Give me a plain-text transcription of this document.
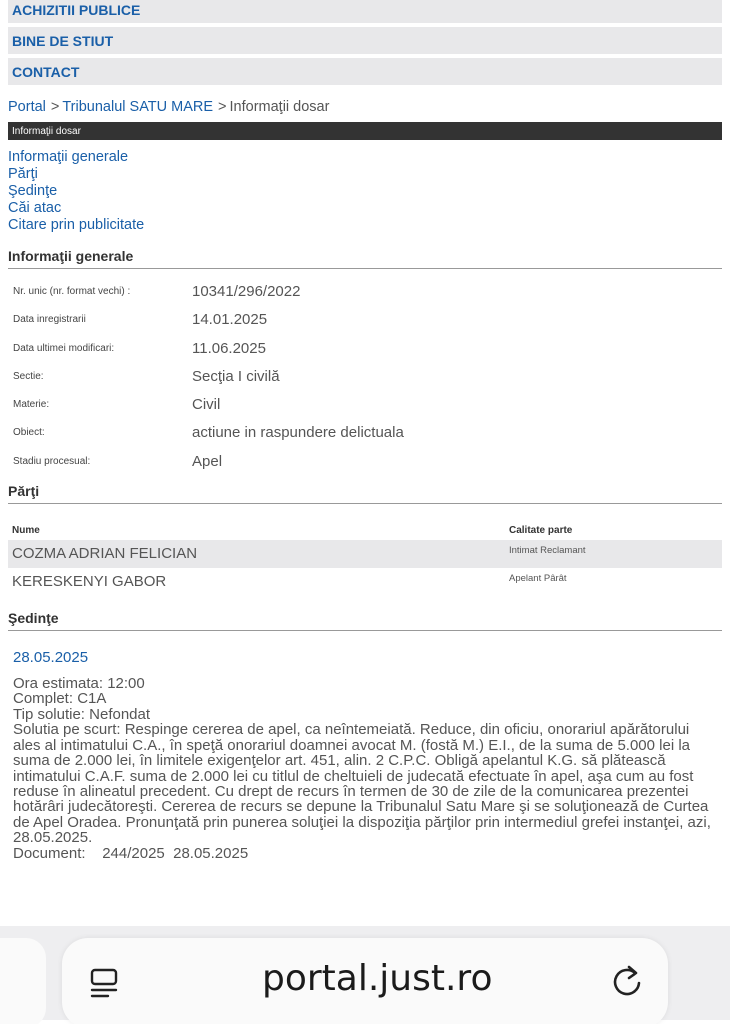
ACHIZITII PUBLICE
BINE DE STIUT
CONTACT
Portal > Tribunalul SATU MARE > Informaţii dosar
Informaţii dosar
Informaţii generale
Părţi
Şedinţe
Căi atac
Citare prin publicitate
Informaţii generale
Nr. unic (nr. format vechi) :	10341/296/2022
Data inregistrarii	14.01.2025
Data ultimei modificari:	11.06.2025
Sectie:	Secţia I civilă
Materie:	Civil
Obiect:	actiune in raspundere delictuala
Stadiu procesual:	Apel
Părţi
Nume	Calitate parte
COZMA ADRIAN FELICIAN	Intimat Reclamant
KERESKENYI GABOR	Apelant Pârât
Şedinţe
28.05.2025
Ora estimata: 12:00
Complet: C1A
Tip solutie: Nefondat
Solutia pe scurt: Respinge cererea de apel, ca neîntemeiată. Reduce, din oficiu, onorariul apărătorului ales al intimatului C.A., în speţă onorariul doamnei avocat M. (fostă M.) E.I., de la suma de 5.000 lei la suma de 2.000 lei, în limitele exigenţelor art. 451, alin. 2 C.P.C. Obligă apelantul K.G. să plătească intimatului C.A.F. suma de 2.000 lei cu titlul de cheltuieli de judecată efectuate în apel, aşa cum au fost reduse în alineatul precedent. Cu drept de recurs în termen de 30 de zile de la comunicarea prezentei hotărâri judecătoreşti. Cererea de recurs se depune la Tribunalul Satu Mare şi se soluţionează de Curtea de Apel Oradea. Pronunţată prin punerea soluţiei la dispoziţia părţilor prin intermediul grefei instanţei, azi, 28.05.2025.
Document:    244/2025  28.05.2025
portal.just.ro
